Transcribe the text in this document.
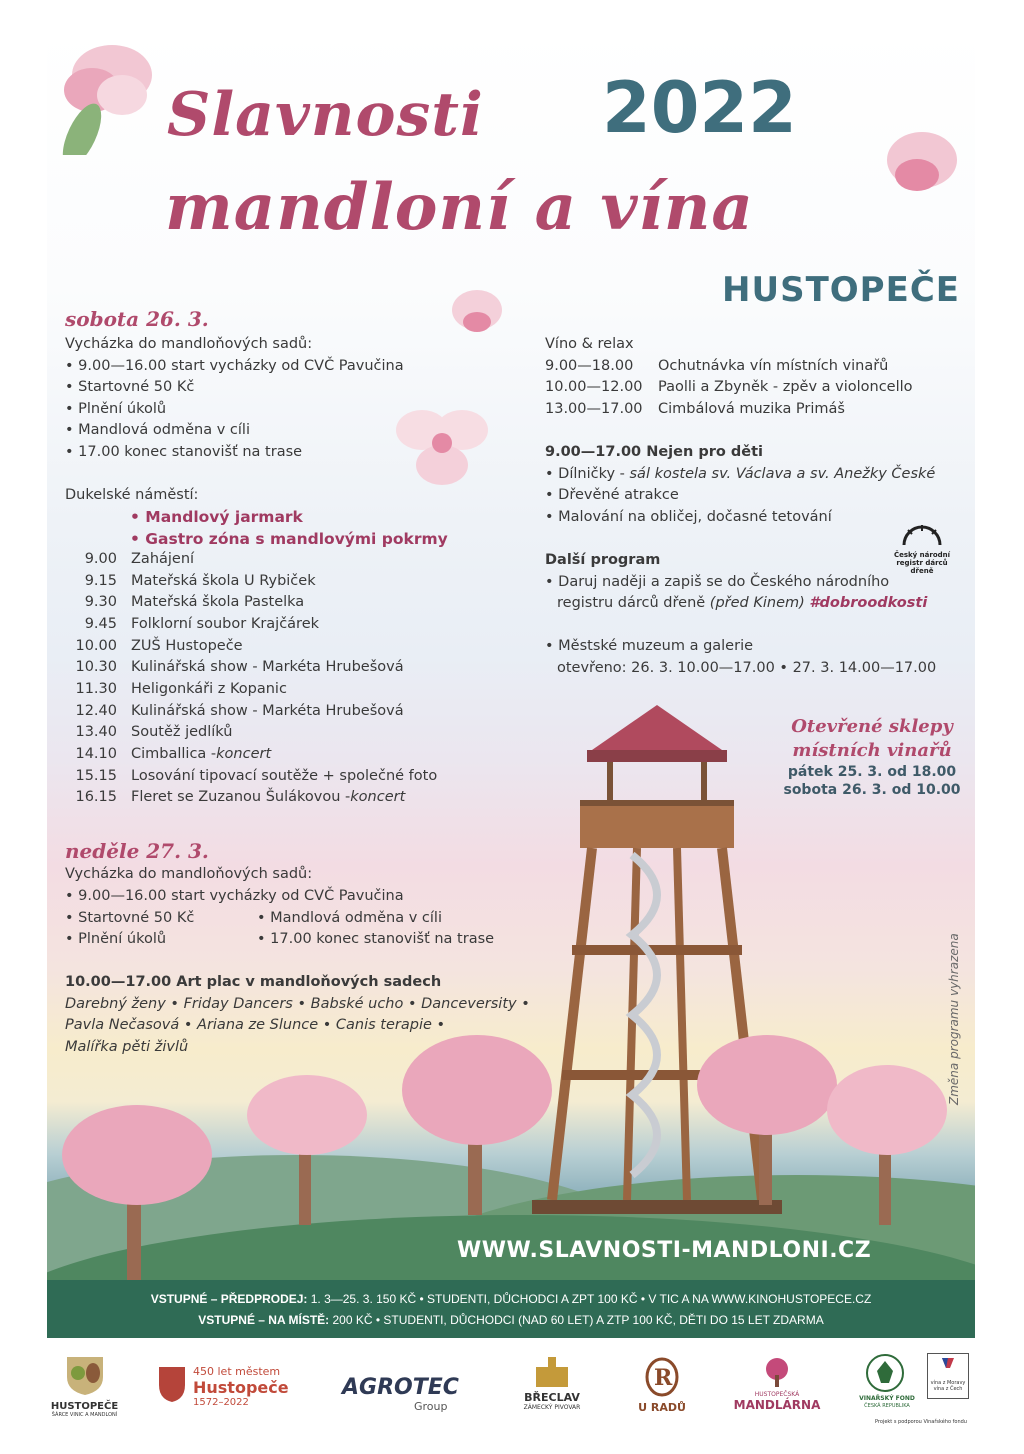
Slavnosti
mandloní a vína
2022
HUSTOPEČE
sobota 26. 3.
Vycházka do mandloňových sadů:
• 9.00—16.00 start vycházky od CVČ Pavučina
• Startovné 50 Kč
• Plnění úkolů
• Mandlová odměna v cíli
• 17.00 konec stanovišť na trase
Dukelské náměstí:
• Mandlový jarmark
• Gastro zóna s mandlovými pokrmy
9.00 Zahájení
9.15 Mateřská škola U Rybiček
9.30 Mateřská škola Pastelka
9.45 Folklorní soubor Krajčárek
10.00 ZUŠ Hustopeče
10.30 Kulinářská show - Markéta Hrubešová
11.30 Heligonkáři z Kopanic
12.40 Kulinářská show - Markéta Hrubešová
13.40 Soutěž jedlíků
14.10 Cimballica -koncert
15.15 Losování tipovací soutěže + společné foto
16.15 Fleret se Zuzanou Šulákovou -koncert
neděle 27. 3.
Vycházka do mandloňových sadů:
• 9.00—16.00 start vycházky od CVČ Pavučina
• Startovné 50 Kč	• Mandlová odměna v cíli
• Plnění úkolů	• 17.00 konec stanovišť na trase
10.00—17.00 Art plac v mandloňových sadech
Darebný ženy • Friday Dancers • Babské ucho • Danceversity •
Pavla Nečasová • Ariana ze Slunce • Canis terapie •
Malířka pěti živlů
Víno & relax
9.00—18.00 Ochutnávka vín místních vinařů
10.00—12.00 Paolli a Zbyněk - zpěv a violoncello
13.00—17.00 Cimbálová muzika Primáš
9.00—17.00 Nejen pro děti
• Dílničky - sál kostela sv. Václava a sv. Anežky České
• Dřevěné atrakce
• Malování na obličej, dočasné tetování
Další program
• Daruj naději a zapiš se do Českého národního
registru dárců dřeně (před Kinem) #dobroodkosti
• Městské muzeum a galerie
otevřeno: 26. 3. 10.00—17.00 • 27. 3. 14.00—17.00
Český národní registr dárců dřeně
Otevřené sklepy
místních vinařů
pátek 25. 3. od 18.00
sobota 26. 3. od 10.00
Změna programu vyhrazena
WWW.SLAVNOSTI-MANDLONI.CZ
VSTUPNÉ – PŘEDPRODEJ: 1. 3—25. 3. 150 KČ • STUDENTI, DŮCHODCI A ZPT 100 KČ • V TIC A NA WWW.KINOHUSTOPECE.CZ
VSTUPNÉ – NA MÍSTĚ: 200 KČ • STUDENTI, DŮCHODCI (NAD 60 LET) A ZTP 100 KČ, DĚTI DO 15 LET ZDARMA
HUSTOPEČE
ŠÁRCE VINIC A MANDLONÍ
450 let městem
Hustopeče
1572–2022
AGROTEC
Group
BŘECLAV
ZÁMECKÝ PIVOVAR
R
U RADŮ
HUSTOPEČSKÁ
MANDLÁRNA	VINAŘSKÝ FOND
ČESKÁ REPUBLIKA
vína z Moravy vína z Čech
Projekt s podporou Vinařského fondu
